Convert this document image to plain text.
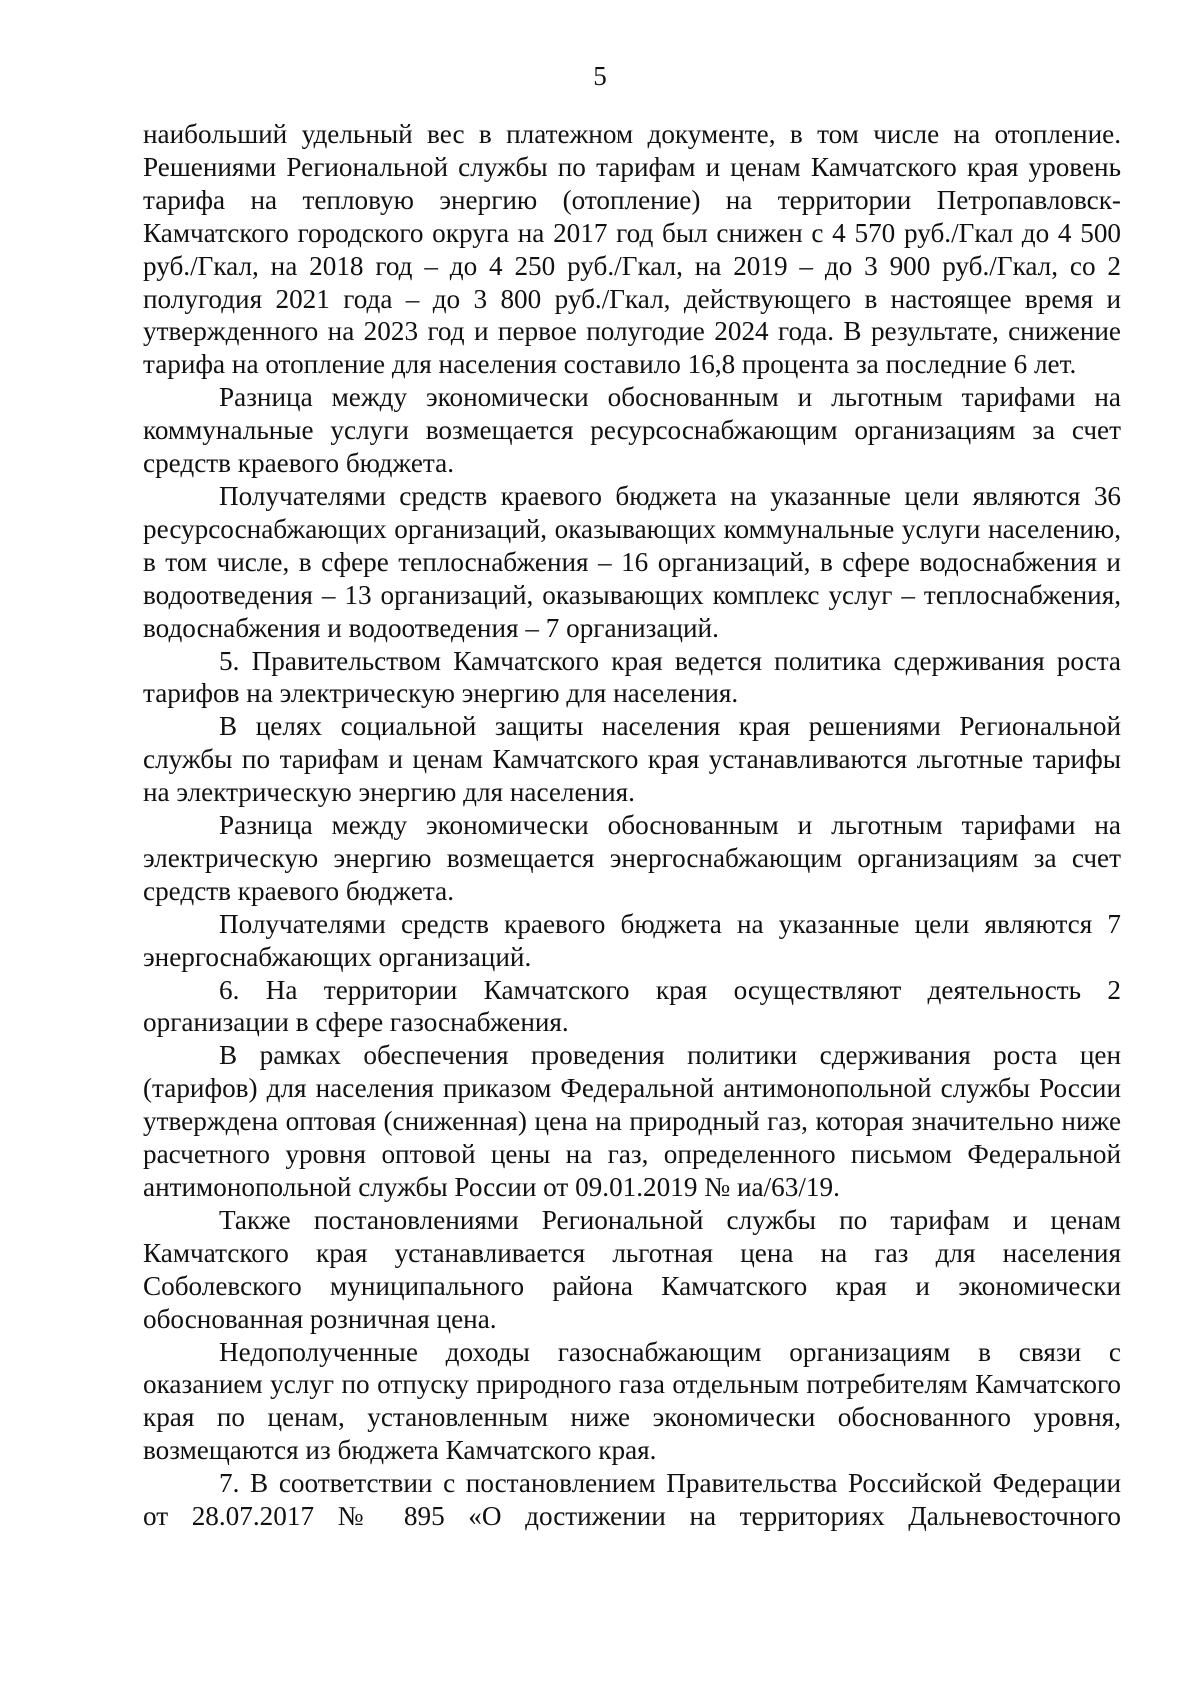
5

наибольший удельный вес в платежном документе, в том числе на отопление. Решениями Региональной службы по тарифам и ценам Камчатского края уровень тарифа на тепловую энергию (отопление) на территории Петропавловск-Камчатского городского округа на 2017 год был снижен с 4 570 руб./Гкал до 4 500 руб./Гкал, на 2018 год – до 4 250 руб./Гкал, на 2019 – до 3 900 руб./Гкал, со 2 полугодия 2021 года – до 3 800 руб./Гкал, действующего в настоящее время и утвержденного на 2023 год и первое полугодие 2024 года. В результате, снижение тарифа на отопление для населения составило 16,8 процента за последние 6 лет.

Разница между экономически обоснованным и льготным тарифами на коммунальные услуги возмещается ресурсоснабжающим организациям за счет средств краевого бюджета.

Получателями средств краевого бюджета на указанные цели являются 36 ресурсоснабжающих организаций, оказывающих коммунальные услуги населению, в том числе, в сфере теплоснабжения – 16 организаций, в сфере водоснабжения и водоотведения – 13 организаций, оказывающих комплекс услуг – теплоснабжения, водоснабжения и водоотведения – 7 организаций.

5. Правительством Камчатского края ведется политика сдерживания роста тарифов на электрическую энергию для населения.

В целях социальной защиты населения края решениями Региональной службы по тарифам и ценам Камчатского края устанавливаются льготные тарифы на электрическую энергию для населения.

Разница между экономически обоснованным и льготным тарифами на электрическую энергию возмещается энергоснабжающим организациям за счет средств краевого бюджета.

Получателями средств краевого бюджета на указанные цели являются 7 энергоснабжающих организаций.

6. На территории Камчатского края осуществляют деятельность 2 организации в сфере газоснабжения.

В рамках обеспечения проведения политики сдерживания роста цен (тарифов) для населения приказом Федеральной антимонопольной службы России утверждена оптовая (сниженная) цена на природный газ, которая значительно ниже расчетного уровня оптовой цены на газ, определенного письмом Федеральной антимонопольной службы России от 09.01.2019 № иа/63/19.

Также постановлениями Региональной службы по тарифам и ценам Камчатского края устанавливается льготная цена на газ для населения Соболевского муниципального района Камчатского края и экономически обоснованная розничная цена.

Недополученные доходы газоснабжающим организациям в связи с оказанием услуг по отпуску природного газа отдельным потребителям Камчатского края по ценам, установленным ниже экономически обоснованного уровня, возмещаются из бюджета Камчатского края.

7. В соответствии с постановлением Правительства Российской Федерации от 28.07.2017 № 895 «О достижении на территориях Дальневосточного
